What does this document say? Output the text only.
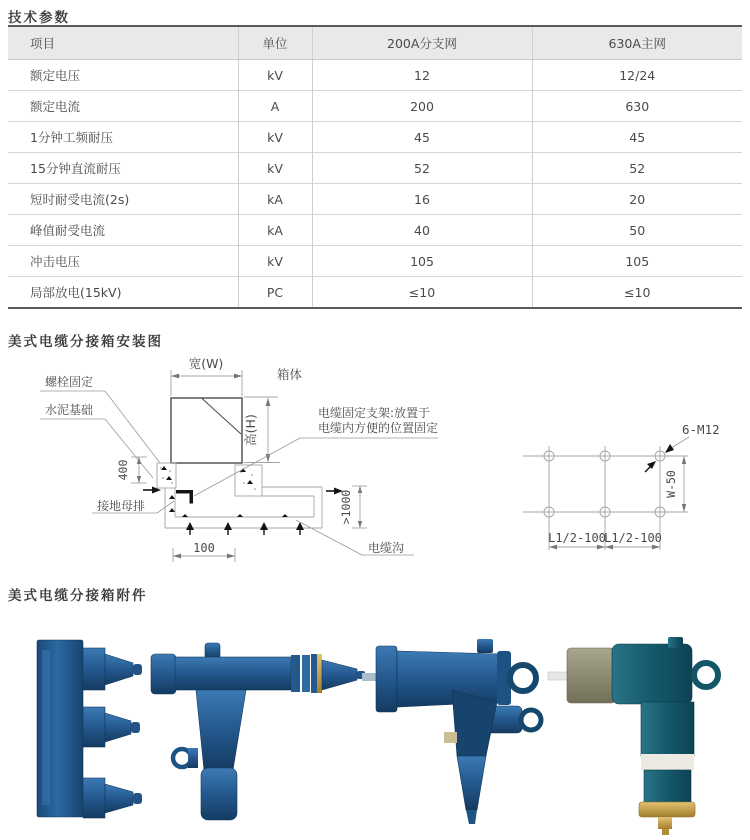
技术参数
项目	单位	200A分支网	630A主网
额定电压	kV	12	12/24
额定电流	A	200	630
1分钟工频耐压	kV	45	45
15分钟直流耐压	kV	52	52
短时耐受电流(2s)	kA	16	20
峰值耐受电流	kA	40	50
冲击电压	kV	105	105
局部放电(15kV)	PC	≤10	≤10
美式电缆分接箱安装图
宽(W)
箱体
高(H)
螺栓固定
水泥基础
400
接地母排
100
>1000
电缆沟
电缆固定支架:放置于
电缆内方便的位置固定	6-M12
W-50
L1/2-100
L1/2-100
美式电缆分接箱附件
